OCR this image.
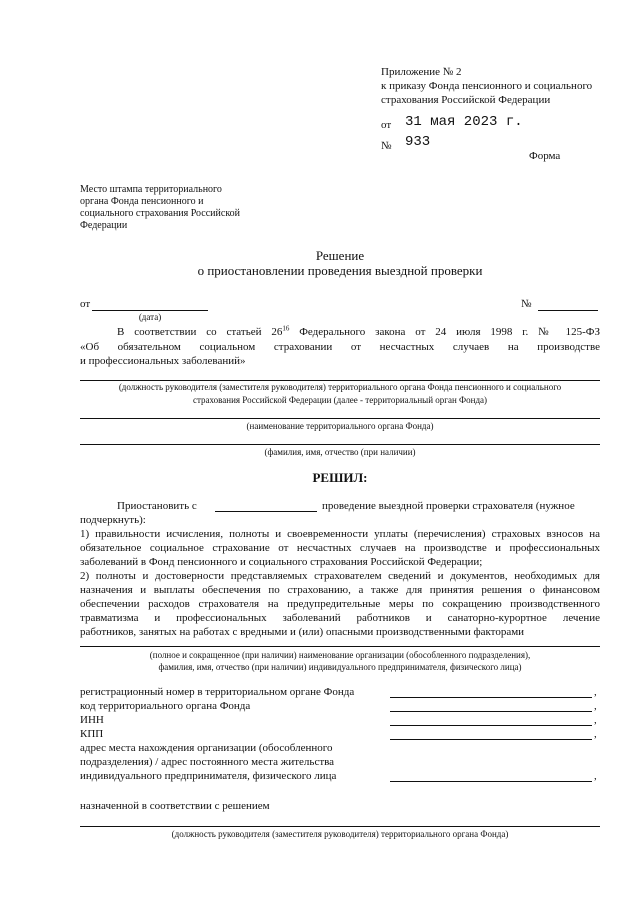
Приложение № 2
к приказу Фонда пенсионного и социального
страхования Российской Федерации
от 31 мая 2023 г.
№ 933
Форма
Место штампа территориального
органа Фонда пенсионного и
социального страхования Российской
Федерации
Решение
о приостановлении проведения выездной проверки
от
(дата)
№
В соответствии со статьей $26^{16}$ Федерального закона от 24 июля 1998 г. № 125-ФЗ
«Об обязательном социальном страховании от несчастных случаев на производстве
и профессиональных заболеваний»
(должность руководителя (заместителя руководителя) территориального органа Фонда пенсионного и социального
страхования Российской Федерации (далее - территориальный орган Фонда)
(наименование территориального органа Фонда)
(фамилия, имя, отчество (при наличии)
РЕШИЛ:
Приостановить с	проведение выездной проверки страхователя (нужное
подчеркнуть):
1) правильности исчисления, полноты и своевременности уплаты (перечисления) страховых взносов на
обязательное социальное страхование от несчастных случаев на производстве и профессиональных
заболеваний в Фонд пенсионного и социального страхования Российской Федерации;
2) полноты и достоверности представляемых страхователем сведений и документов, необходимых для
назначения и выплаты обеспечения по страхованию, а также для принятия решения о финансовом
обеспечении расходов страхователя на предупредительные меры по сокращению производственного
травматизма и профессиональных заболеваний работников и санаторно-курортное лечение
работников, занятых на работах с вредными и (или) опасными производственными факторами
(полное и сокращенное (при наличии) наименование организации (обособленного подразделения),
фамилия, имя, отчество (при наличии) индивидуального предпринимателя, физического лица)
регистрационный номер в территориальном органе Фонда	,
код территориального органа Фонда	,
ИНН	,
КПП	,
адрес места нахождения организации (обособленного
подразделения) / адрес постоянного места жительства
индивидуального предпринимателя, физического лица	,
назначенной в соответствии с решением
(должность руководителя (заместителя руководителя) территориального органа Фонда)
